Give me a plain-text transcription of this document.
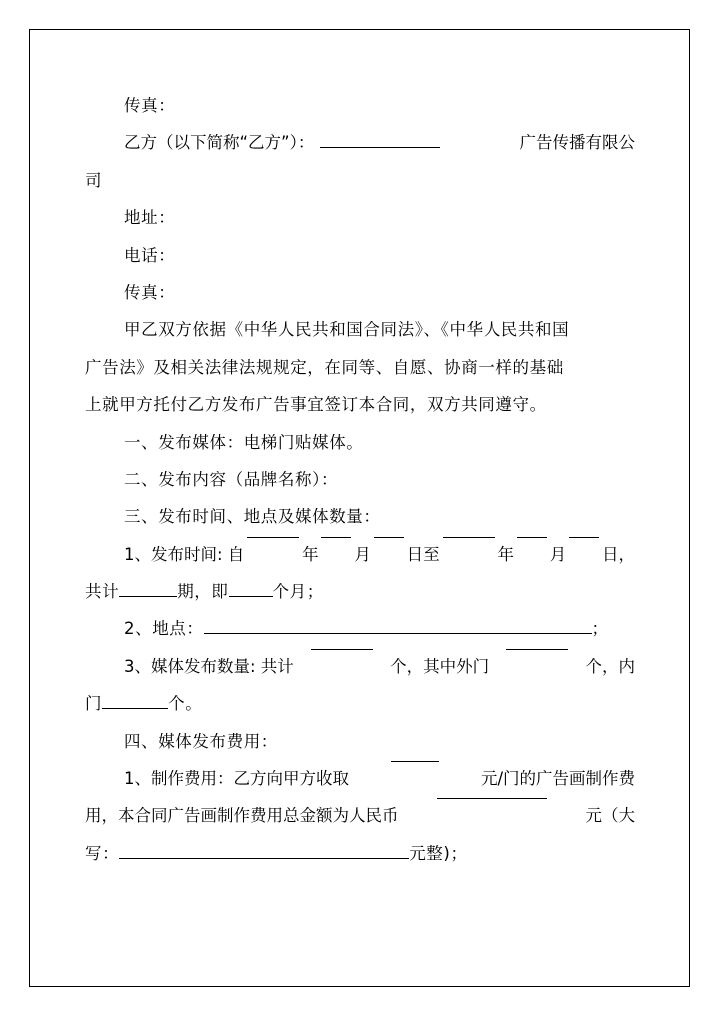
传真：
乙方（以下简称“乙方”）：	广告传播有限公
司
地址：
电话：
传真：
甲乙双方依据《中华人民共和国合同法》、《中华人民共和国
广告法》及相关法律法规规定，在同等、自愿、协商一样的基础
上就甲方托付乙方发布广告事宜签订本合同，双方共同遵守。
一、发布媒体：电梯门贴媒体。
二、发布内容（品牌名称）：
三、发布时间、地点及媒体数量：
1、发布时间: 自	年 月 日至	年 月 日，
共计	期，即	个月；
2、地点：	；
3、媒体发布数量: 共计	个，其中外门	个，内
门	个。
四、媒体发布费用：
1、制作费用：乙方向甲方收取	元/门的广告画制作费
用，本合同广告画制作费用总金额为人民币	元（大
写：	元整)；
